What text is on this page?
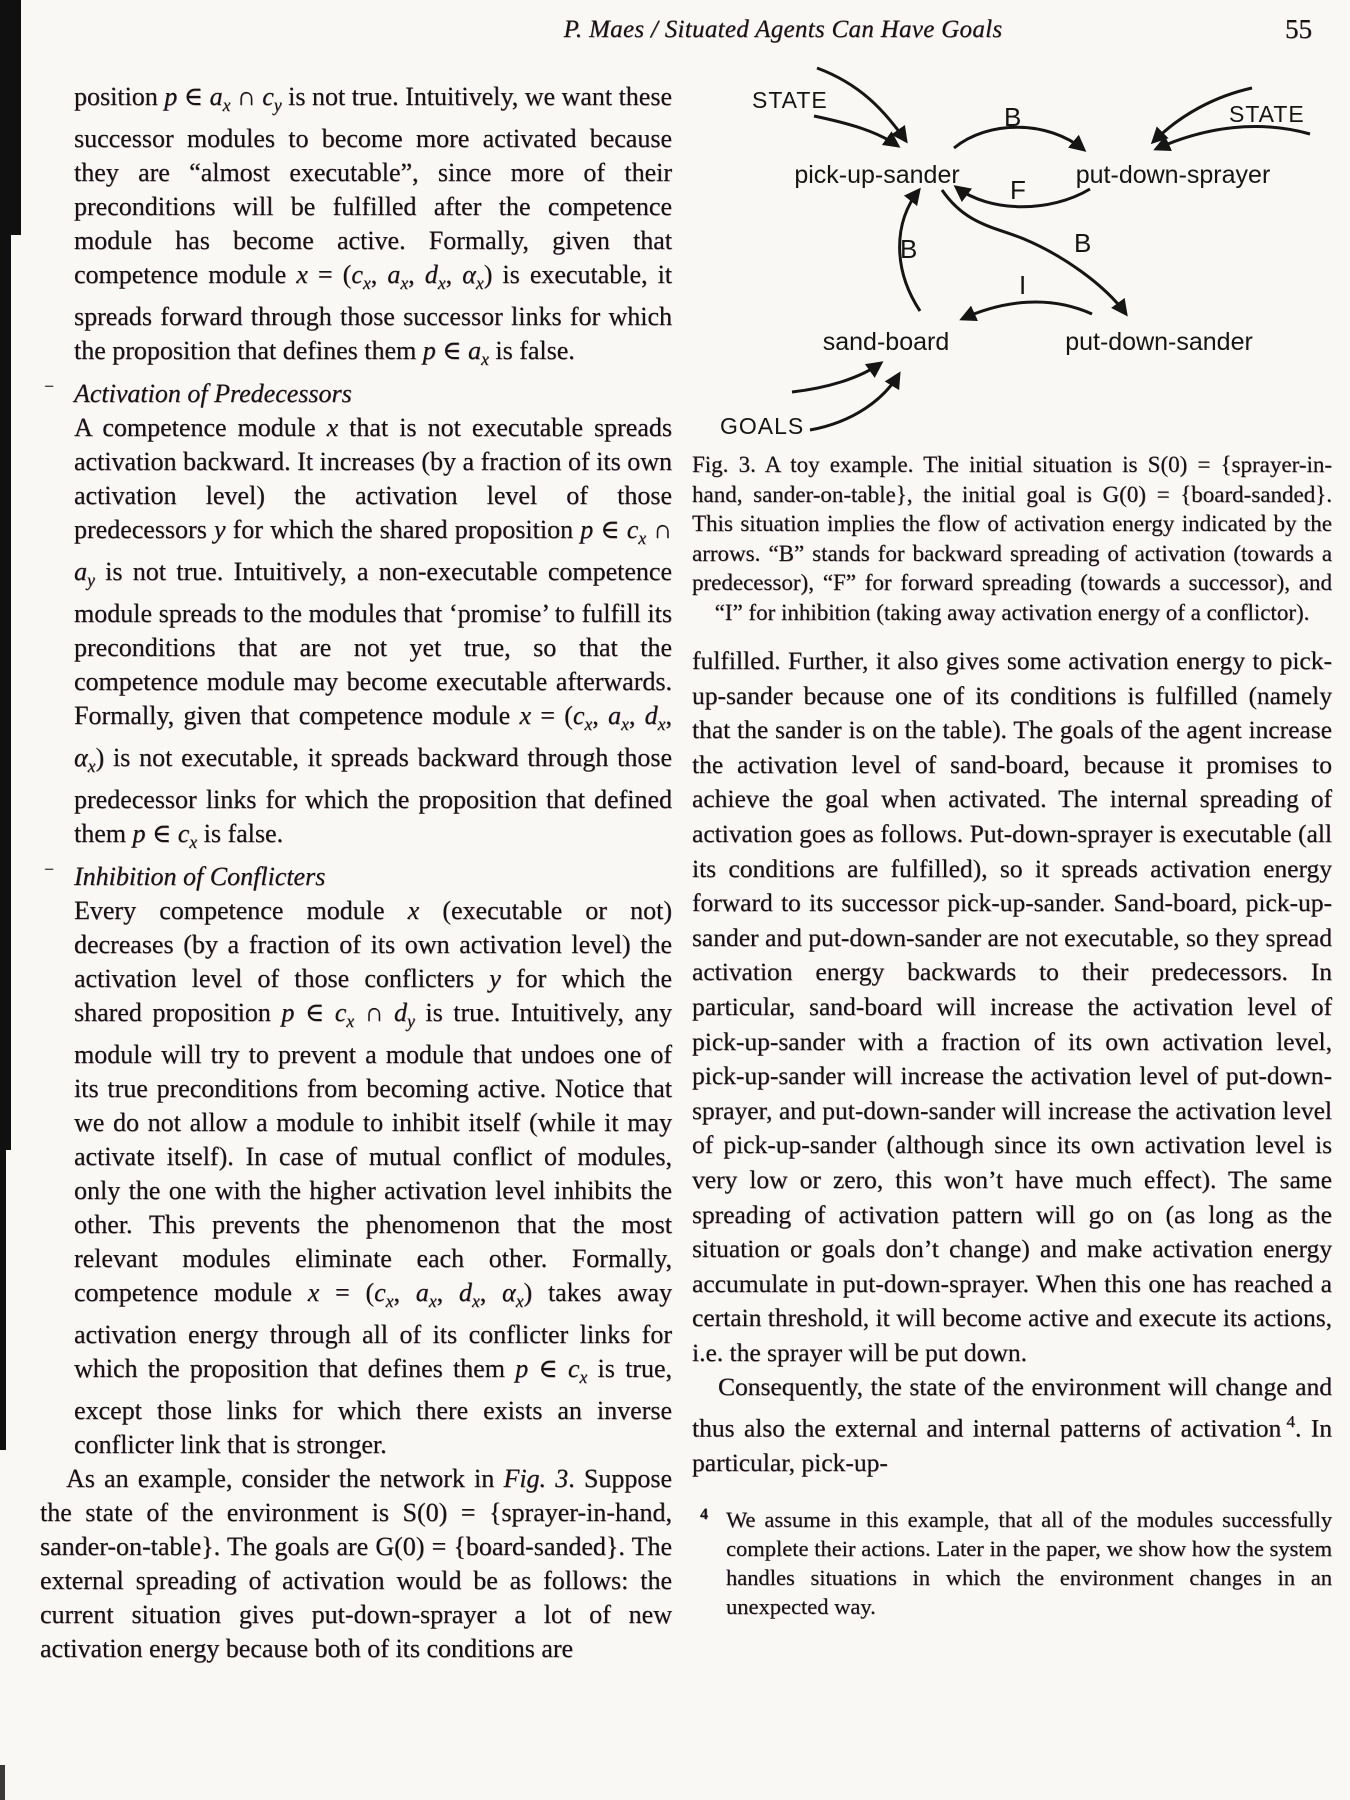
P. Maes / Situated Agents Can Have Goals	55
position p ∈ $a_x$ ∩ $c_y$ is not true. Intuitively, we want these successor modules to become more activated because they are “almost executable”, since more of their preconditions will be fulfilled after the competence module has become active. Formally, given that competence module $x = (c_x$, $a_x$, $d_x$, $\alpha_x$) is executable, it spreads forward through those successor links for which the proposition that defines them p ∈ $a_x$ is false.
– Activation of Predecessors
A competence module x that is not executable spreads activation backward. It increases (by a fraction of its own activation level) the activation level of those predecessors y for which the shared proposition p ∈ $c_x$ ∩ $a_y$ is not true. Intuitively, a non-executable competence module spreads to the modules that ‘promise’ to fulfill its preconditions that are not yet true, so that the competence module may become executable afterwards. Formally, given that competence module $x = (c_x$, $a_x$, $d_x$, $\alpha_x$) is not executable, it spreads backward through those predecessor links for which the proposition that defined them p ∈ $c_x$ is false.
– Inhibition of Conflicters
Every competence module x (executable or not) decreases (by a fraction of its own activation level) the activation level of those conflicters y for which the shared proposition p ∈ $c_x$ ∩ $d_y$ is true. Intuitively, any module will try to prevent a module that undoes one of its true preconditions from becoming active. Notice that we do not allow a module to inhibit itself (while it may activate itself). In case of mutual conflict of modules, only the one with the higher activation level inhibits the other. This prevents the phenomenon that the most relevant modules eliminate each other. Formally, competence module $x = (c_x$, $a_x$, $d_x$, $\alpha_x$) takes away activation energy through all of its conflicter links for which the proposition that defines them p ∈ $c_x$ is true, except those links for which there exists an inverse conflicter link that is stronger.
As an example, consider the network in Fig. 3. Suppose the state of the environment is S(0) = {sprayer-in-hand, sander-on-table}. The goals are G(0) = {board-sanded}. The external spreading of activation would be as follows: the current situation gives put-down-sprayer a lot of new activation energy because both of its conditions are
STATE
STATE
GOALS
pick-up-sander	put-down-sprayer
sand-board	put-down-sander
B
F
B	B
I
Fig. 3. A toy example. The initial situation is S(0) = {sprayer-in-hand, sander-on-table}, the initial goal is G(0) = {board-sanded}. This situation implies the flow of activation energy indicated by the arrows. “B” stands for backward spreading of activation (towards a predecessor), “F” for forward spreading (towards a successor), and “I” for inhibition (taking away activation energy of a conflictor).
fulfilled. Further, it also gives some activation energy to pick-up-sander because one of its conditions is fulfilled (namely that the sander is on the table). The goals of the agent increase the activation level of sand-board, because it promises to achieve the goal when activated. The internal spreading of activation goes as follows. Put-down-sprayer is executable (all its conditions are fulfilled), so it spreads activation energy forward to its successor pick-up-sander. Sand-board, pick-up-sander and put-down-sander are not executable, so they spread activation energy backwards to their predecessors. In particular, sand-board will increase the activation level of pick-up-sander with a fraction of its own activation level, pick-up-sander will increase the activation level of put-down-sprayer, and put-down-sander will increase the activation level of pick-up-sander (although since its own activation level is very low or zero, this won’t have much effect). The same spreading of activation pattern will go on (as long as the situation or goals don’t change) and make activation energy accumulate in put-down-sprayer. When this one has reached a certain threshold, it will become active and execute its actions, i.e. the sprayer will be put down.
Consequently, the state of the environment will change and thus also the external and internal patterns of activation $^4$. In particular, pick-up-
4 We assume in this example, that all of the modules successfully complete their actions. Later in the paper, we show how the system handles situations in which the environment changes in an unexpected way.
